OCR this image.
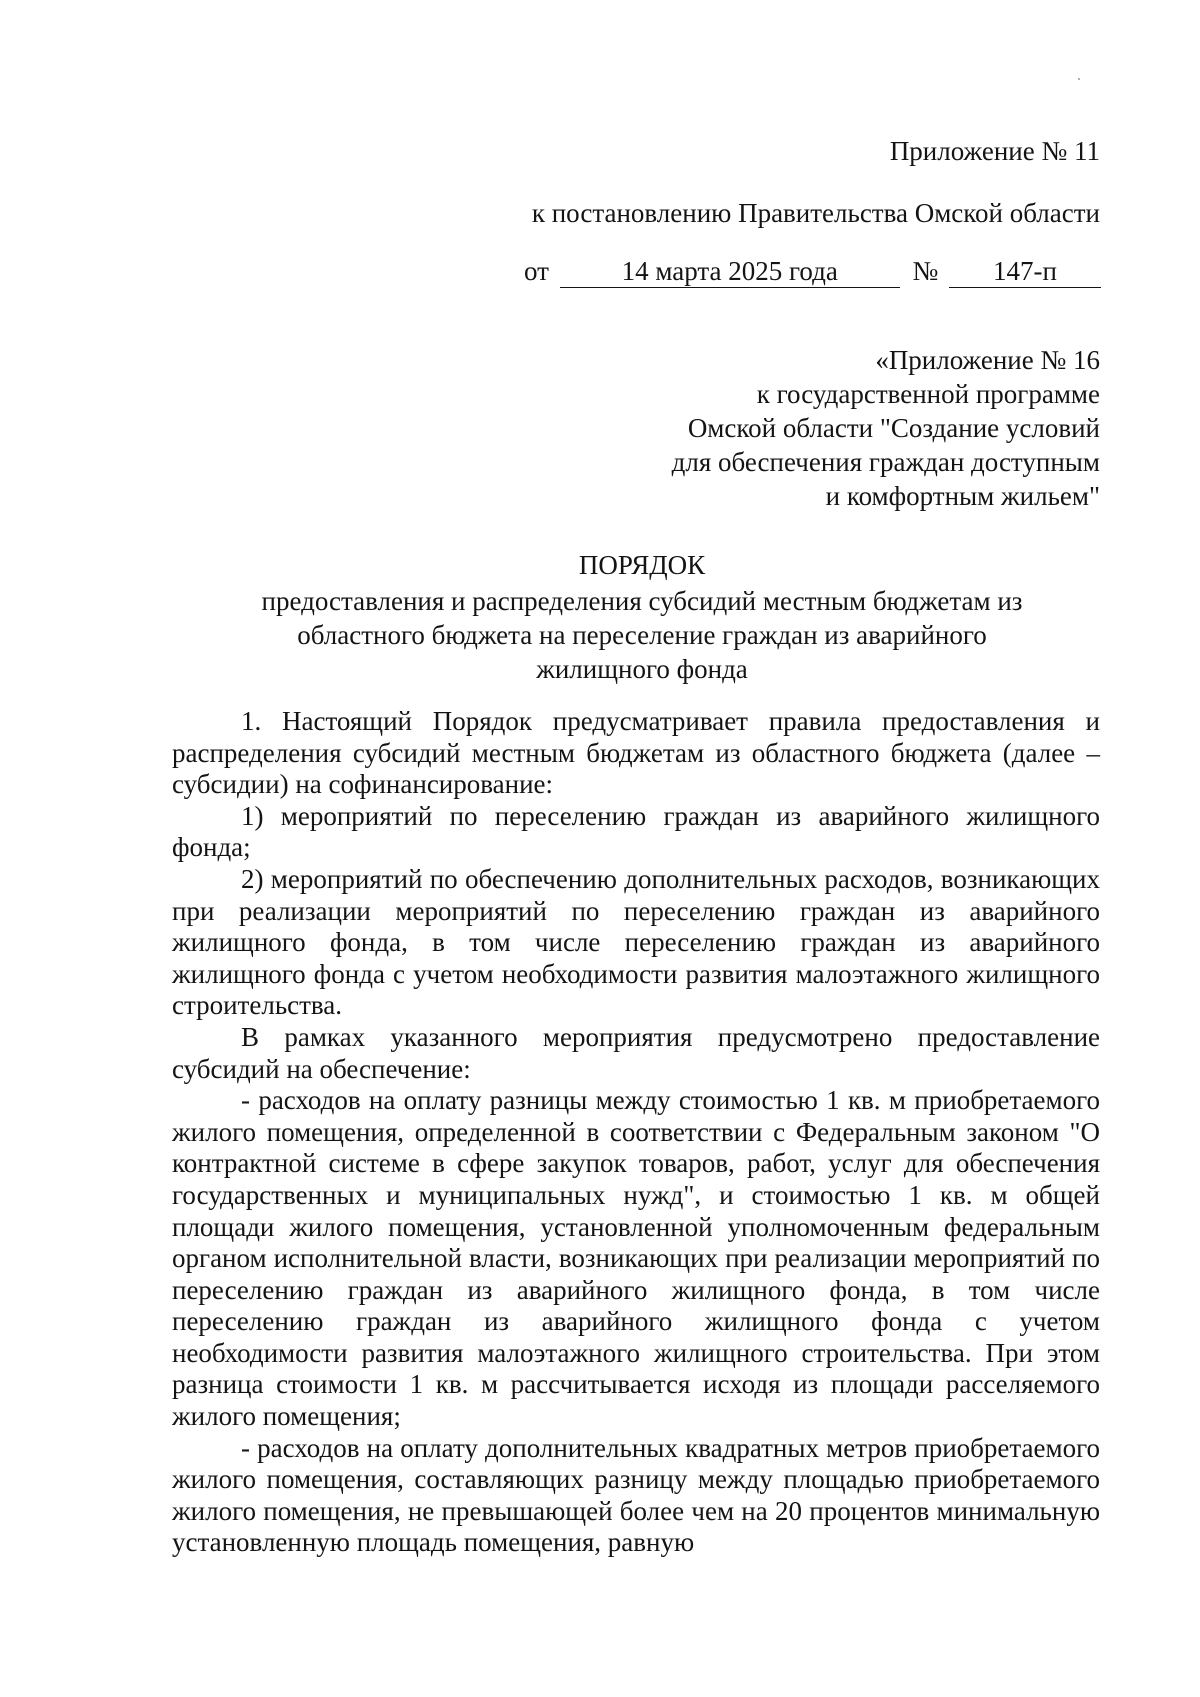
Приложение № 11
к постановлению Правительства Омской области
от	14 марта 2025 года	№ 147-п
«Приложение № 16
к государственной программе
Омской области "Создание условий
для обеспечения граждан доступным
и комфортным жильем"
ПОРЯДОК
предоставления и распределения субсидий местным бюджетам из
областного бюджета на переселение граждан из аварийного
жилищного фонда

1. Настоящий Порядок предусматривает правила предоставления и распределения субсидий местным бюджетам из областного бюджета (далее –субсидии) на софинансирование:

1) мероприятий по переселению граждан из аварийного жилищного фонда;

2) мероприятий по обеспечению дополнительных расходов, возникающих при реализации мероприятий по переселению граждан из аварийного жилищного фонда, в том числе переселению граждан из аварийного жилищного фонда с учетом необходимости развития малоэтажного жилищного строительства.

В рамках указанного мероприятия предусмотрено предоставление субсидий на обеспечение:

- расходов на оплату разницы между стоимостью 1 кв. м приобретаемого жилого помещения, определенной в соответствии с Федеральным законом "О контрактной системе в сфере закупок товаров, работ, услуг для обеспечения государственных и муниципальных нужд", и стоимостью 1 кв. м общей площади жилого помещения, установленной уполномоченным федеральным органом исполнительной власти, возникающих при реализации мероприятий по переселению граждан из аварийного жилищного фонда, в том числе переселению граждан из аварийного жилищного фонда с учетом необходимости развития малоэтажного жилищного строительства. При этом разница стоимости 1 кв. м рассчитывается исходя из площади расселяемого жилого помещения;

- расходов на оплату дополнительных квадратных метров приобретаемого жилого помещения, составляющих разницу между площадью приобретаемого жилого помещения, не превышающей более чем на 20 процентов минимальную установленную площадь помещения, равную
